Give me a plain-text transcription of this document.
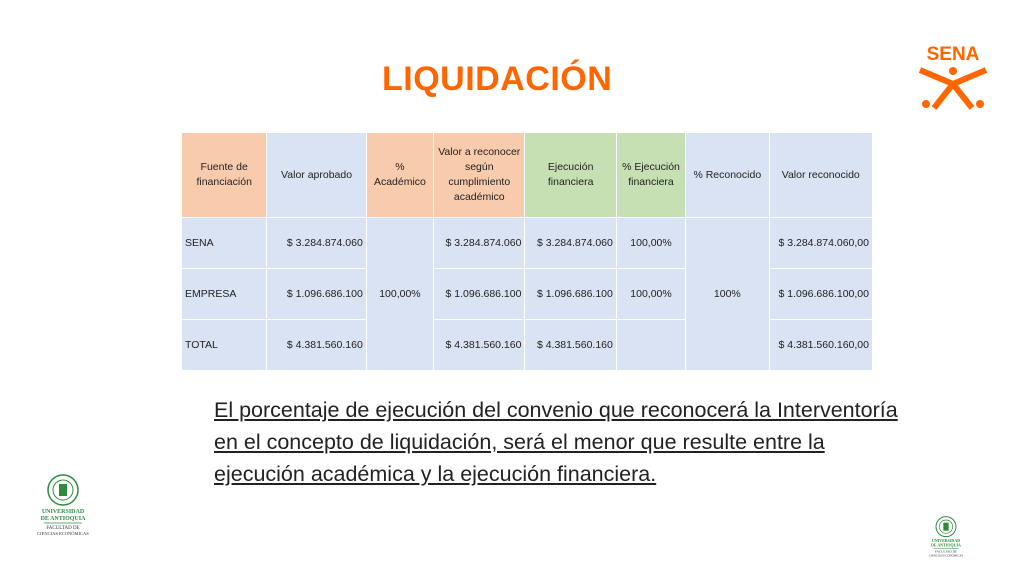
LIQUIDACIÓN
SENA
Fuente de financiación	Valor aprobado	% Académico	Valor a reconocer según cumplimiento académico	Ejecución financiera	% Ejecución financiera	% Reconocido	Valor reconocido
SENA	$ 3.284.874.060	100,00%	$ 3.284.874.060	$ 3.284.874.060	100,00%	100%	$ 3.284.874.060,00
EMPRESA	$ 1.096.686.100		$ 1.096.686.100	$ 1.096.686.100	100,00%		$ 1.096.686.100,00
TOTAL	$ 4.381.560.160		$ 4.381.560.160	$ 4.381.560.160			$ 4.381.560.160,00
El porcentaje de ejecución del convenio que reconocerá la Interventoría en el concepto de liquidación, será el menor que resulte entre la ejecución académica y la ejecución financiera.
UNIVERSIDAD
DE ANTIOQUIA
FACULTAD DE
CIENCIAS ECONÓMICAS
UNIVERSIDAD
DE ANTIOQUIA
FACULTAD DE
CIENCIAS ECONÓMICAS
